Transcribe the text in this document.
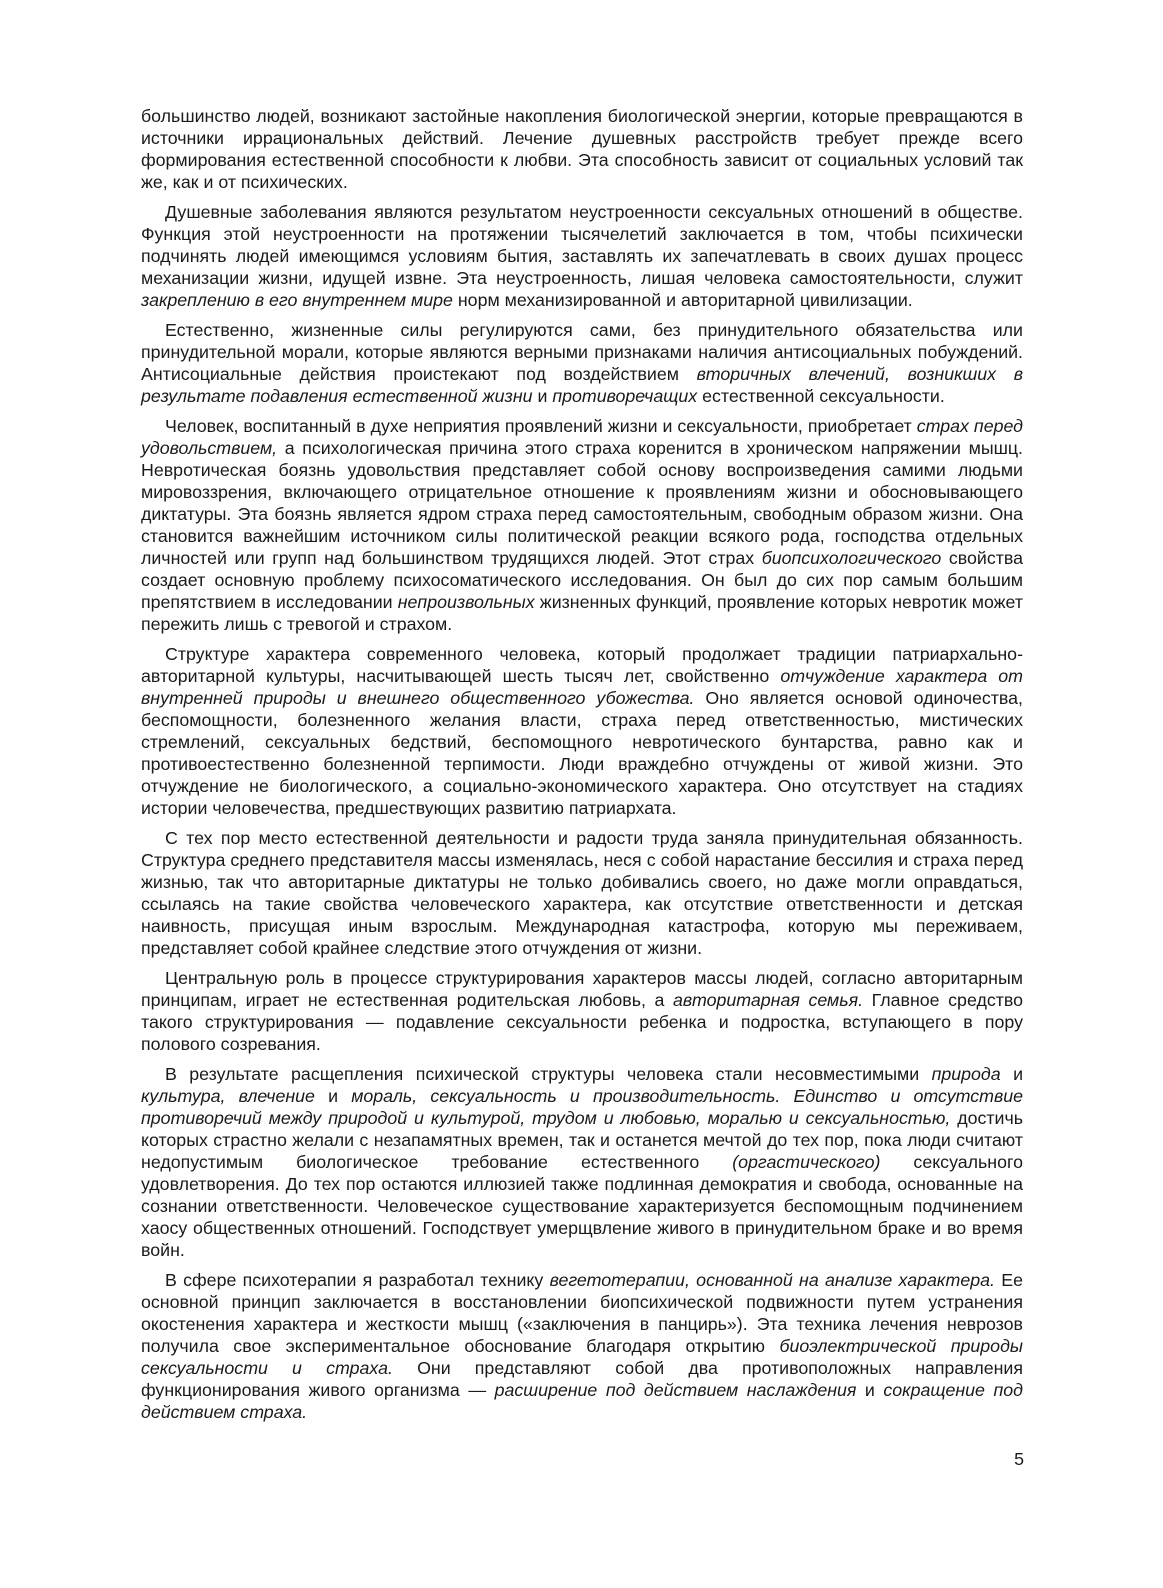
большинство людей, возникают застойные накопления биологической энергии, которые превращаются в источники иррациональных действий. Лечение душевных расстройств требует прежде всего формирования естественной способности к любви. Эта способность зависит от социальных условий так же, как и от психических.

Душевные заболевания являются результатом неустроенности сексуальных отношений в обществе. Функция этой неустроенности на протяжении тысячелетий заключается в том, чтобы психически подчинять людей имеющимся условиям бытия, заставлять их запечатлевать в своих душах процесс механизации жизни, идущей извне. Эта неустроенность, лишая человека самостоятельности, служит закреплению в его внутреннем мире норм механизированной и авторитарной цивилизации.

Естественно, жизненные силы регулируются сами, без принудительного обязательства или принудительной морали, которые являются верными признаками наличия антисоциальных побуждений. Антисоциальные действия проистекают под воздействием вторичных влечений, возникших в результате подавления естественной жизни и противоречащих естественной сексуальности.

Человек, воспитанный в духе неприятия проявлений жизни и сексуальности, приобретает страх перед удовольствием, а психологическая причина этого страха коренится в хроническом напряжении мышц. Невротическая боязнь удовольствия представляет собой основу воспроизведения самими людьми мировоззрения, включающего отрицательное отношение к проявлениям жизни и обосновывающего диктатуры. Эта боязнь является ядром страха перед самостоятельным, свободным образом жизни. Она становится важнейшим источником силы политической реакции всякого рода, господства отдельных личностей или групп над большинством трудящихся людей. Этот страх биопсихологического свойства создает основную проблему психосоматического исследования. Он был до сих пор самым большим препятствием в исследовании непроизвольных жизненных функций, проявление которых невротик может пережить лишь с тревогой и страхом.

Структуре характера современного человека, который продолжает традиции патриархально-авторитарной культуры, насчитывающей шесть тысяч лет, свойственно отчуждение характера от внутренней природы и внешнего общественного убожества. Оно является основой одиночества, беспомощности, болезненного желания власти, страха перед ответственностью, мистических стремлений, сексуальных бедствий, беспомощного невротического бунтарства, равно как и противоестественно болезненной терпимости. Люди враждебно отчуждены от живой жизни. Это отчуждение не биологического, а социально-экономического характера. Оно отсутствует на стадиях истории человечества, предшествующих развитию патриархата.

С тех пор место естественной деятельности и радости труда заняла принудительная обязанность. Структура среднего представителя массы изменялась, неся с собой нарастание бессилия и страха перед жизнью, так что авторитарные диктатуры не только добивались своего, но даже могли оправдаться, ссылаясь на такие свойства человеческого характера, как отсутствие ответственности и детская наивность, присущая иным взрослым. Международная катастрофа, которую мы переживаем, представляет собой крайнее следствие этого отчуждения от жизни.

Центральную роль в процессе структурирования характеров массы людей, согласно авторитарным принципам, играет не естественная родительская любовь, а авторитарная семья. Главное средство такого структурирования — подавление сексуальности ребенка и подростка, вступающего в пору полового созревания.

В результате расщепления психической структуры человека стали несовместимыми природа и культура, влечение и мораль, сексуальность и производительность. Единство и отсутствие противоречий между природой и культурой, трудом и любовью, моралью и сексуальностью, достичь которых страстно желали с незапамятных времен, так и останется мечтой до тех пор, пока люди считают недопустимым биологическое требование естественного (оргастического) сексуального удовлетворения. До тех пор остаются иллюзией также подлинная демократия и свобода, основанные на сознании ответственности. Человеческое существование характеризуется беспомощным подчинением хаосу общественных отношений. Господствует умерщвление живого в принудительном браке и во время войн.

В сфере психотерапии я разработал технику вегетотерапии, основанной на анализе характера. Ее основной принцип заключается в восстановлении биопсихической подвижности путем устранения окостенения характера и жесткости мышц («заключения в панцирь»). Эта техника лечения неврозов получила свое экспериментальное обоснование благодаря открытию биоэлектрической природы сексуальности и страха. Они представляют собой два противоположных направления функционирования живого организма — расширение под действием наслаждения и сокращение под действием страха.

5
